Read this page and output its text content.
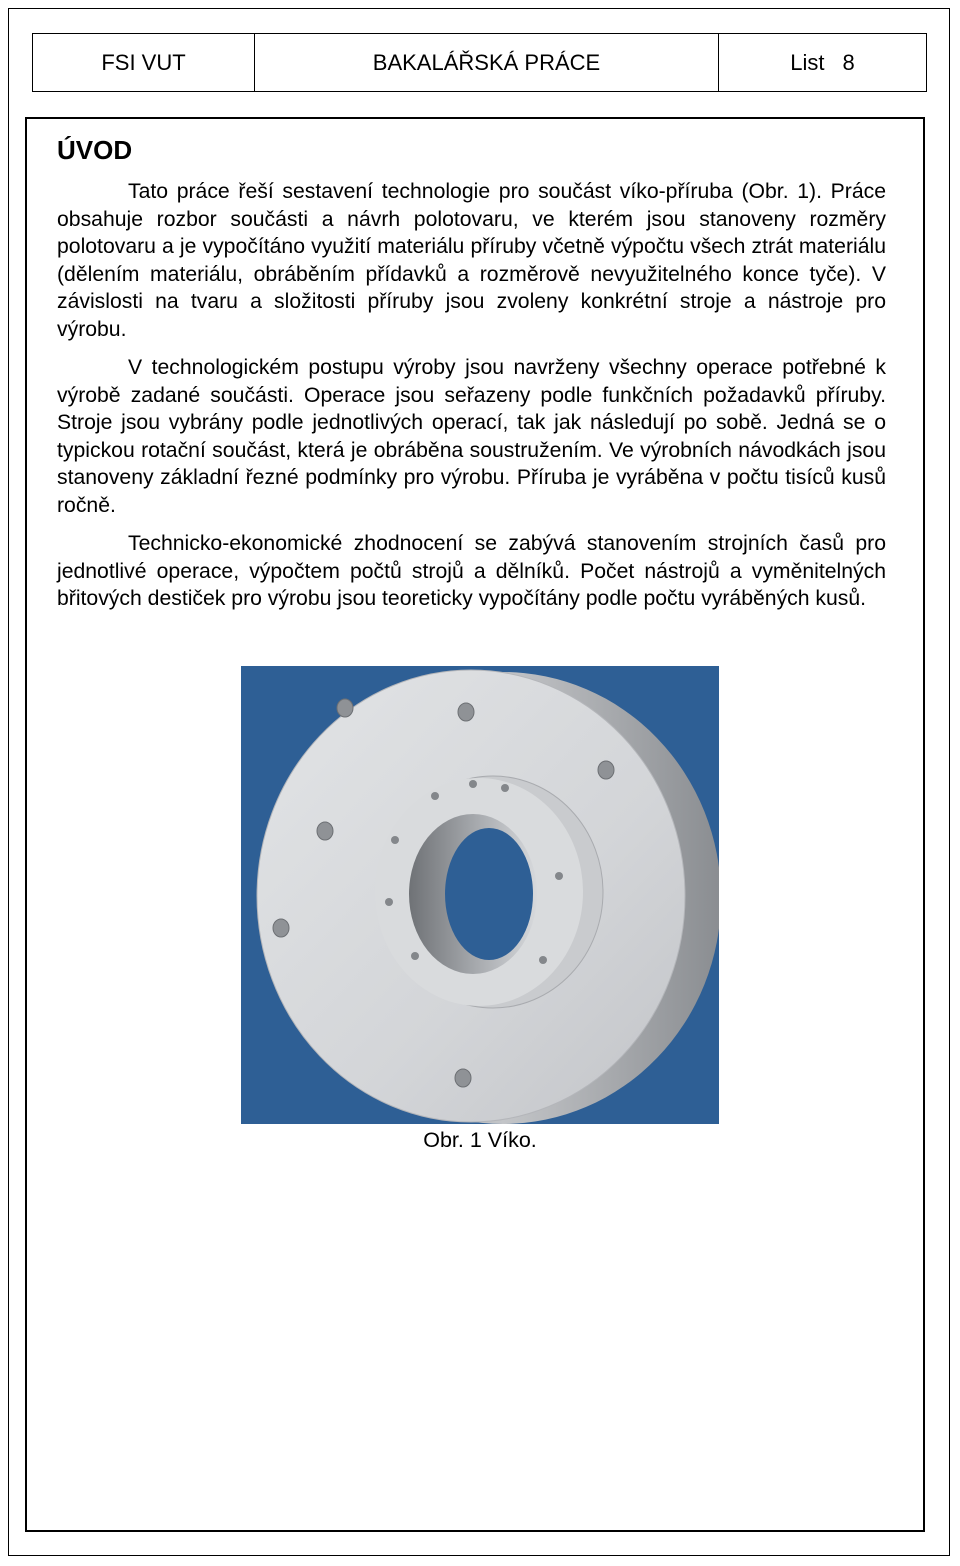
FSI VUT	BAKALÁŘSKÁ PRÁCE	List 8
ÚVOD

Tato práce řeší sestavení technologie pro součást víko-příruba (Obr. 1). Práce obsahuje rozbor součásti a návrh polotovaru, ve kterém jsou stanoveny rozměry polotovaru a je vypočítáno využití materiálu příruby včetně výpočtu všech ztrát materiálu (dělením materiálu, obráběním přídavků a rozměrově nevyužitelného konce tyče). V závislosti na tvaru a složitosti příruby jsou zvoleny konkrétní stroje a nástroje pro výrobu.

V technologickém postupu výroby jsou navrženy všechny operace potřebné k výrobě zadané součásti. Operace jsou seřazeny podle funkčních požadavků příruby. Stroje jsou vybrány podle jednotlivých operací, tak jak následují po sobě. Jedná se o typickou rotační součást, která je obráběna soustružením. Ve výrobních návodkách jsou stanoveny základní řezné podmínky pro výrobu. Příruba je vyráběna v počtu tisíců kusů ročně.

Technicko-ekonomické zhodnocení se zabývá stanovením strojních časů pro jednotlivé operace, výpočtem počtů strojů a dělníků. Počet nástrojů a vyměnitelných břitových destiček pro výrobu jsou teoreticky vypočítány podle počtu vyráběných kusů.

Obr. 1 Víko.
